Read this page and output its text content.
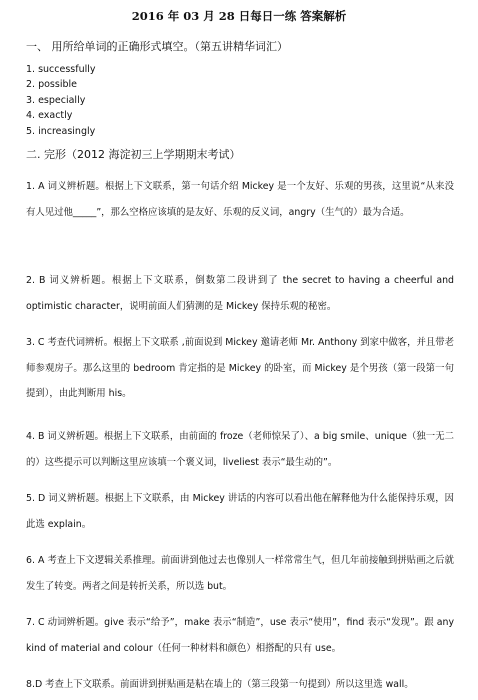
2016 年 03 月 28 日每日一练 答案解析
一、 用所给单词的正确形式填空。（第五讲精华词汇）
1. successfully
2. possible
3. especially
4. exactly
5. increasingly
二. 完形（2012 海淀初三上学期期末考试）
1. A 词义辨析题。根据上下文联系，第一句话介绍 Mickey 是一个友好、乐观的男孩，这里说“从来没有人见过他_____”，那么空格应该填的是友好、乐观的反义词，angry（生气的）最为合适。
2. B 词义辨析题。根据上下文联系，倒数第二段讲到了 the secret to having a cheerful and optimistic character，说明前面人们猜测的是 Mickey 保持乐观的秘密。
3. C 考查代词辨析。根据上下文联系 ,前面说到 Mickey 邀请老师 Mr. Anthony 到家中做客，并且带老师参观房子。那么这里的 bedroom 肯定指的是 Mickey 的卧室，而 Mickey 是个男孩（第一段第一句提到），由此判断用 his。
4. B 词义辨析题。根据上下文联系，由前面的 froze（老师惊呆了）、a big smile、unique（独一无二的）这些提示可以判断这里应该填一个褒义词，liveliest 表示“最生动的”。
5. D 词义辨析题。根据上下文联系，由 Mickey 讲话的内容可以看出他在解释他为什么能保持乐观，因此选 explain。
6. A 考查上下文逻辑关系推理。前面讲到他过去也像别人一样常常生气，但几年前接触到拼贴画之后就发生了转变。两者之间是转折关系，所以选 but。
7. C 动词辨析题。give 表示“给予”，make 表示“制造”，use 表示“使用”，find 表示“发现”。跟 any kind of material and colour（任何一种材料和颜色）相搭配的只有 use。
8.D 考查上下文联系。前面讲到拼贴画是粘在墙上的（第三段第一句提到）所以这里选 wall。
